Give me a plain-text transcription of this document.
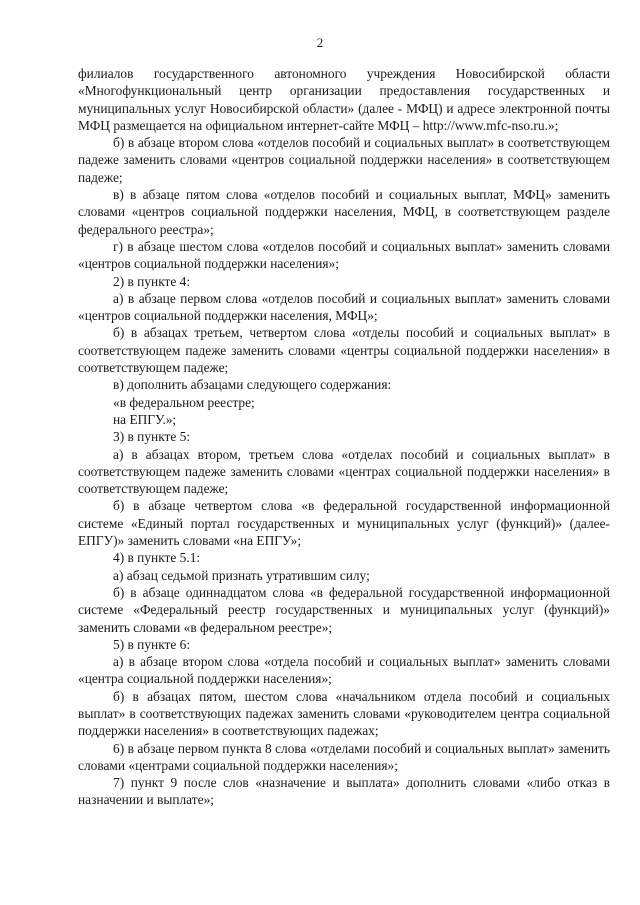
2

филиалов государственного автономного учреждения Новосибирской области «Многофункциональный центр организации предоставления государственных и муниципальных услуг Новосибирской области» (далее - МФЦ) и адресе электронной почты МФЦ размещается на официальном интернет-сайте МФЦ – http://www.mfc-nso.ru.»;

б) в абзаце втором слова «отделов пособий и социальных выплат» в соответствующем падеже заменить словами «центров социальной поддержки населения» в соответствующем падеже;

в) в абзаце пятом слова «отделов пособий и социальных выплат, МФЦ» заменить словами «центров социальной поддержки населения, МФЦ, в соответствующем разделе федерального реестра»;

г) в абзаце шестом слова «отделов пособий и социальных выплат» заменить словами «центров социальной поддержки населения»;

2) в пункте 4:

а) в абзаце первом слова «отделов пособий и социальных выплат» заменить словами «центров социальной поддержки населения, МФЦ»;

б) в абзацах третьем, четвертом слова «отделы пособий и социальных выплат» в соответствующем падеже заменить словами «центры социальной поддержки населения» в соответствующем падеже;

в) дополнить абзацами следующего содержания:

«в федеральном реестре;

на ЕПГУ.»;

3) в пункте 5:

а) в абзацах втором, третьем слова «отделах пособий и социальных выплат» в соответствующем падеже заменить словами «центрах социальной поддержки населения» в соответствующем падеже;

б) в абзаце четвертом слова «в федеральной государственной информационной системе «Единый портал государственных и муниципальных услуг (функций)» (далее-ЕПГУ)» заменить словами «на ЕПГУ»;

4) в пункте 5.1:

а) абзац седьмой признать утратившим силу;

б) в абзаце одиннадцатом слова «в федеральной государственной информационной системе «Федеральный реестр государственных и муниципальных услуг (функций)» заменить словами «в федеральном реестре»;

5) в пункте 6:

а) в абзаце втором слова «отдела пособий и социальных выплат» заменить словами «центра социальной поддержки населения»;

б) в абзацах пятом, шестом слова «начальником отдела пособий и социальных выплат» в соответствующих падежах заменить словами «руководителем центра социальной поддержки населения» в соответствующих падежах;

6) в абзаце первом пункта 8 слова «отделами пособий и социальных выплат» заменить словами «центрами социальной поддержки населения»;

7) пункт 9 после слов «назначение и выплата» дополнить словами «либо отказ в назначении и выплате»;
